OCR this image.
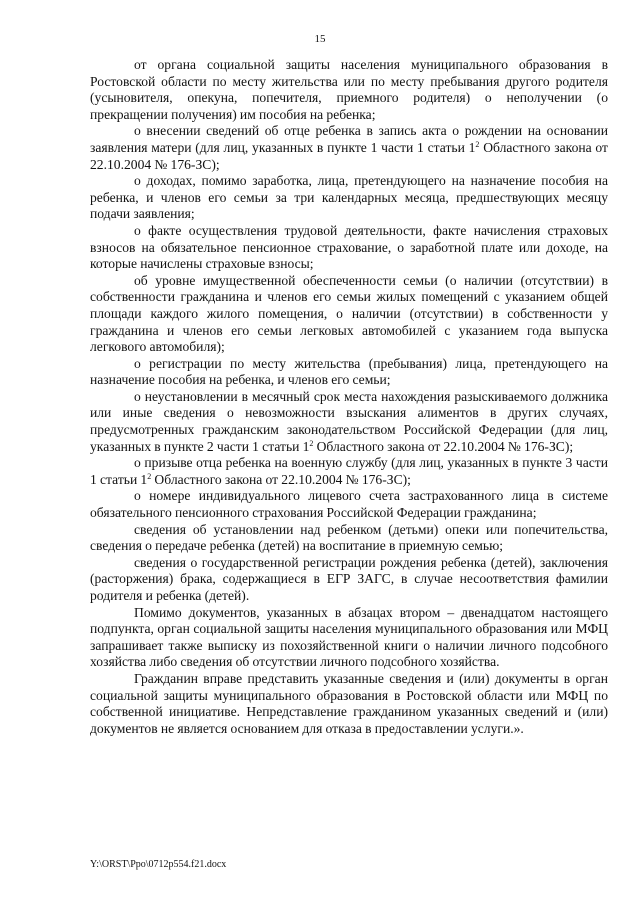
15

от органа социальной защиты населения муниципального образования в Ростовской области по месту жительства или по месту пребывания другого родителя (усыновителя, опекуна, попечителя, приемного родителя) о неполучении (о прекращении получения) им пособия на ребенка;

о внесении сведений об отце ребенка в запись акта о рождении на основании заявления матери (для лиц, указанных в пункте 1 части 1 статьи $1^2$ Областного закона от 22.10.2004 № 176-ЗС);

о доходах, помимо заработка, лица, претендующего на назначение пособия на ребенка, и членов его семьи за три календарных месяца, предшествующих месяцу подачи заявления;

о факте осуществления трудовой деятельности, факте начисления страховых взносов на обязательное пенсионное страхование, о заработной плате или доходе, на которые начислены страховые взносы;

об уровне имущественной обеспеченности семьи (о наличии (отсутствии) в собственности гражданина и членов его семьи жилых помещений с указанием общей площади каждого жилого помещения, о наличии (отсутствии) в собственности у гражданина и членов его семьи легковых автомобилей с указанием года выпуска легкового автомобиля);

о регистрации по месту жительства (пребывания) лица, претендующего на назначение пособия на ребенка, и членов его семьи;

о неустановлении в месячный срок места нахождения разыскиваемого должника или иные сведения о невозможности взыскания алиментов в других случаях, предусмотренных гражданским законодательством Российской Федерации (для лиц, указанных в пункте 2 части 1 статьи $1^2$ Областного закона от 22.10.2004 № 176-ЗС);

о призыве отца ребенка на военную службу (для лиц, указанных в пункте 3 части 1 статьи $1^2$ Областного закона от 22.10.2004 № 176-ЗС);

о номере индивидуального лицевого счета застрахованного лица в системе обязательного пенсионного страхования Российской Федерации гражданина;

сведения об установлении над ребенком (детьми) опеки или попечительства, сведения о передаче ребенка (детей) на воспитание в приемную семью;

сведения о государственной регистрации рождения ребенка (детей), заключения (расторжения) брака, содержащиеся в ЕГР ЗАГС, в случае несоответствия фамилии родителя и ребенка (детей).

Помимо документов, указанных в абзацах втором – двенадцатом настоящего подпункта, орган социальной защиты населения муниципального образования или МФЦ запрашивает также выписку из похозяйственной книги о наличии личного подсобного хозяйства либо сведения об отсутствии личного подсобного хозяйства.

Гражданин вправе представить указанные сведения и (или) документы в орган социальной защиты муниципального образования в Ростовской области или МФЦ по собственной инициативе. Непредставление гражданином указанных сведений и (или) документов не является основанием для отказа в предоставлении услуги.».

Y:\ORST\Ppo\0712p554.f21.docx
